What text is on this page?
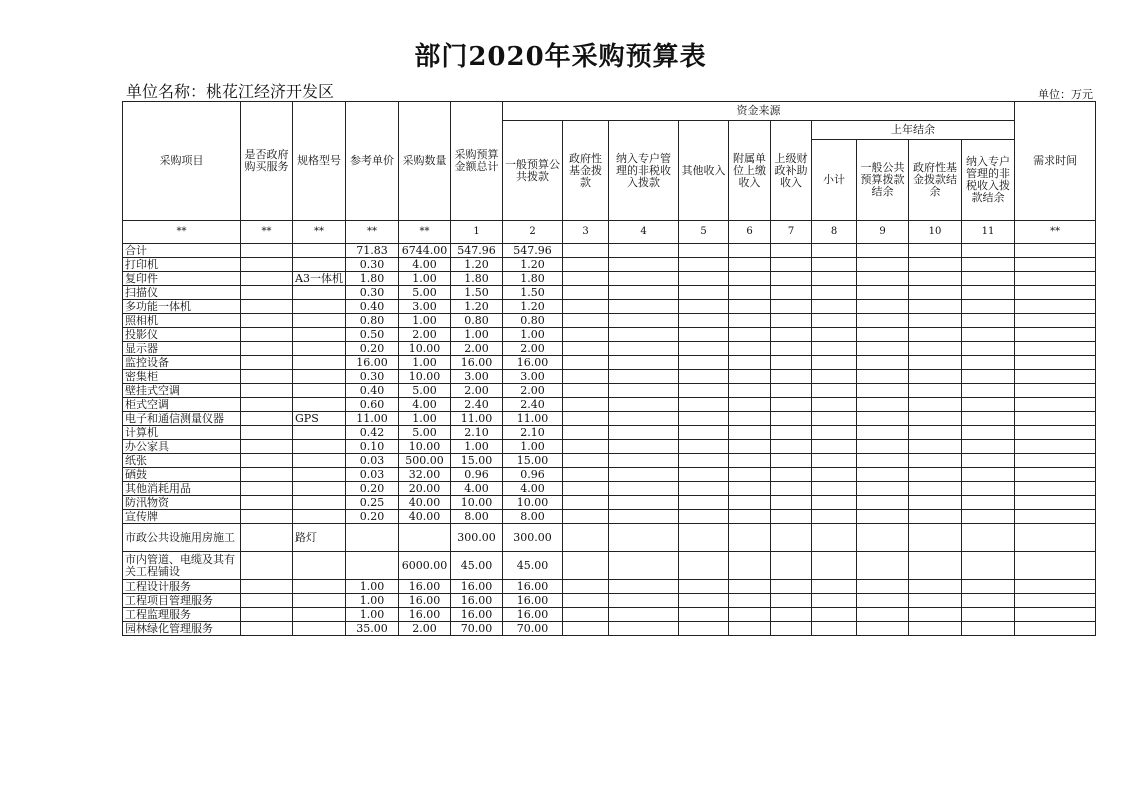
部门2020年采购预算表
单位名称：桃花江经济开发区	单位：万元
采购项目	是否政府购买服务	规格型号	参考单价	采购数量	采购预算金额总计	资金来源										需求时间
						一般预算公共拨款	政府性基金拨款	纳入专户管理的非税收入拨款	其他收入	附属单位上缴收入	上级财政补助收入	上年结余				
												小计	一般公共预算拨款结余	政府性基金拨款结余	纳入专户管理的非税收入拨款结余	
**	**	**	**	**	1	2	3	4	5	6	7	8	9	10	11	**
合计			71.83	6744.00	547.96	547.96										
打印机			0.30	4.00	1.20	1.20										
复印件		A3一体机	1.80	1.00	1.80	1.80										
扫描仪			0.30	5.00	1.50	1.50										
多功能一体机			0.40	3.00	1.20	1.20										
照相机			0.80	1.00	0.80	0.80										
投影仪			0.50	2.00	1.00	1.00										
显示器			0.20	10.00	2.00	2.00										
监控设备			16.00	1.00	16.00	16.00										
密集柜			0.30	10.00	3.00	3.00										
壁挂式空调			0.40	5.00	2.00	2.00										
柜式空调			0.60	4.00	2.40	2.40										
电子和通信测量仪器		GPS	11.00	1.00	11.00	11.00										
计算机			0.42	5.00	2.10	2.10										
办公家具			0.10	10.00	1.00	1.00										
纸张			0.03	500.00	15.00	15.00										
硒鼓			0.03	32.00	0.96	0.96										
其他消耗用品			0.20	20.00	4.00	4.00										
防汛物资			0.25	40.00	10.00	10.00										
宣传牌			0.20	40.00	8.00	8.00										
市政公共设施用房施工		路灯			300.00	300.00										
市内管道、电缆及其有关工程铺设				6000.00	45.00	45.00										
工程设计服务			1.00	16.00	16.00	16.00										
工程项目管理服务			1.00	16.00	16.00	16.00										
工程监理服务			1.00	16.00	16.00	16.00										
园林绿化管理服务			35.00	2.00	70.00	70.00										
